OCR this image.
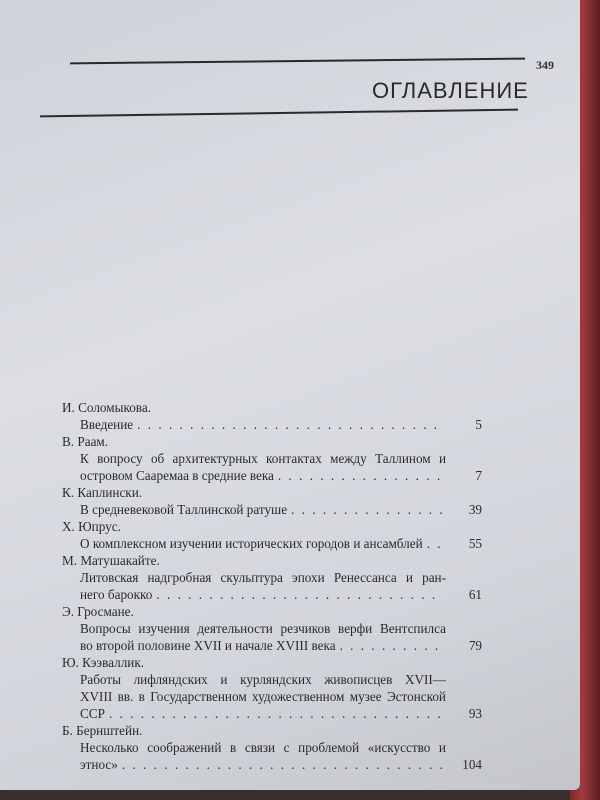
349
ОГЛАВЛЕНИЕ
И. Соломыкова.
Введение . . .	5
В. Раам.
К вопросу об архитектурных контактах между Таллином и
островом Саaремаа в средние века . . .	7
К. Каплински.
В средневековой Таллинской ратуше . . .	39
Х. Юпрус.
О комплексном изучении исторических городов и ансамблей . . .	55
М. Матушакайте.
Литовская надгробная скульптура эпохи Ренессанса и ран-
него барокко . . .	61
Э. Гросмане.
Вопросы изучения деятельности резчиков верфи Вентспилса
во второй половине XVII и начале XVIII века . . .	79
Ю. Кээваллик.
Работы лифляндских и курляндских живописцев XVII—
XVIII вв. в Государственном художественном музее Эстонской
ССР . . .	93
Б. Бернштейн.
Несколько соображений в связи с проблемой «искусство и
этнос» . . .	104
